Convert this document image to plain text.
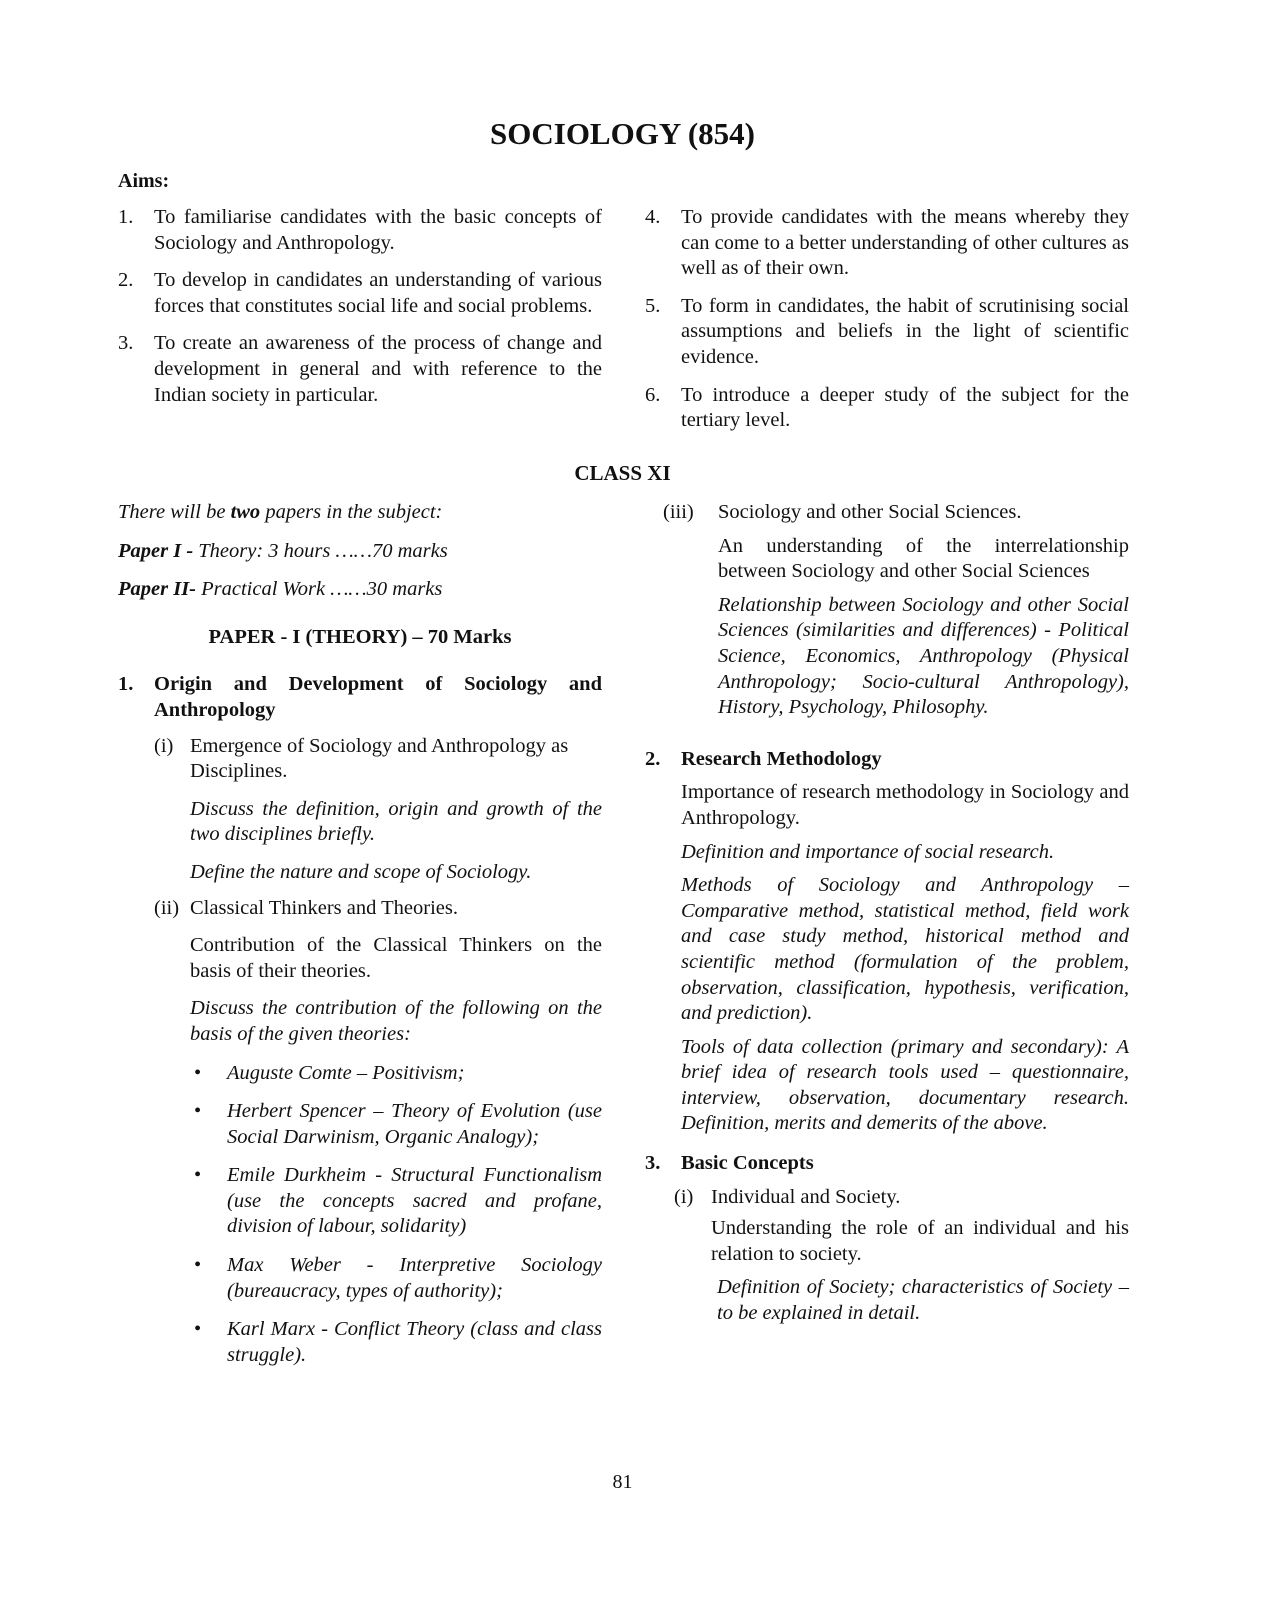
SOCIOLOGY (854)
Aims:
1. To familiarise candidates with the basic concepts of Sociology and Anthropology.
2. To develop in candidates an understanding of various forces that constitutes social life and social problems.
3. To create an awareness of the process of change and development in general and with reference to the Indian society in particular.
4. To provide candidates with the means whereby they can come to a better understanding of other cultures as well as of their own.
5. To form in candidates, the habit of scrutinising social assumptions and beliefs in the light of scientific evidence.
6. To introduce a deeper study of the subject for the tertiary level.
CLASS XI

There will be two papers in the subject:

Paper I - Theory: 3 hours ……70 marks

Paper II- Practical Work ……30 marks

PAPER - I (THEORY) – 70 Marks
1. Origin and Development of Sociology and Anthropology
(i) Emergence of Sociology and Anthropology as Disciplines.

Discuss the definition, origin and growth of the two disciplines briefly.

Define the nature and scope of Sociology.

(ii) Classical Thinkers and Theories.

Contribution of the Classical Thinkers on the basis of their theories.

Discuss the contribution of the following on the basis of the given theories:

• Auguste Comte – Positivism;
• Herbert Spencer – Theory of Evolution (use Social Darwinism, Organic Analogy);
• Emile Durkheim - Structural Functionalism (use the concepts sacred and profane, division of labour, solidarity)
• Max Weber - Interpretive Sociology (bureaucracy, types of authority);
• Karl Marx - Conflict Theory (class and class struggle).
(iii) Sociology and other Social Sciences.

An understanding of the interrelationship between Sociology and other Social Sciences

Relationship between Sociology and other Social Sciences (similarities and differences) - Political Science, Economics, Anthropology (Physical Anthropology; Socio-cultural Anthropology), History, Psychology, Philosophy.

2. Research Methodology

Importance of research methodology in Sociology and Anthropology.

Definition and importance of social research.

Methods of Sociology and Anthropology – Comparative method, statistical method, field work and case study method, historical method and scientific method (formulation of the problem, observation, classification, hypothesis, verification, and prediction).

Tools of data collection (primary and secondary): A brief idea of research tools used – questionnaire, interview, observation, documentary research. Definition, merits and demerits of the above.

3. Basic Concepts
(i) Individual and Society.

Understanding the role of an individual and his relation to society.

Definition of Society; characteristics of Society – to be explained in detail.

81
